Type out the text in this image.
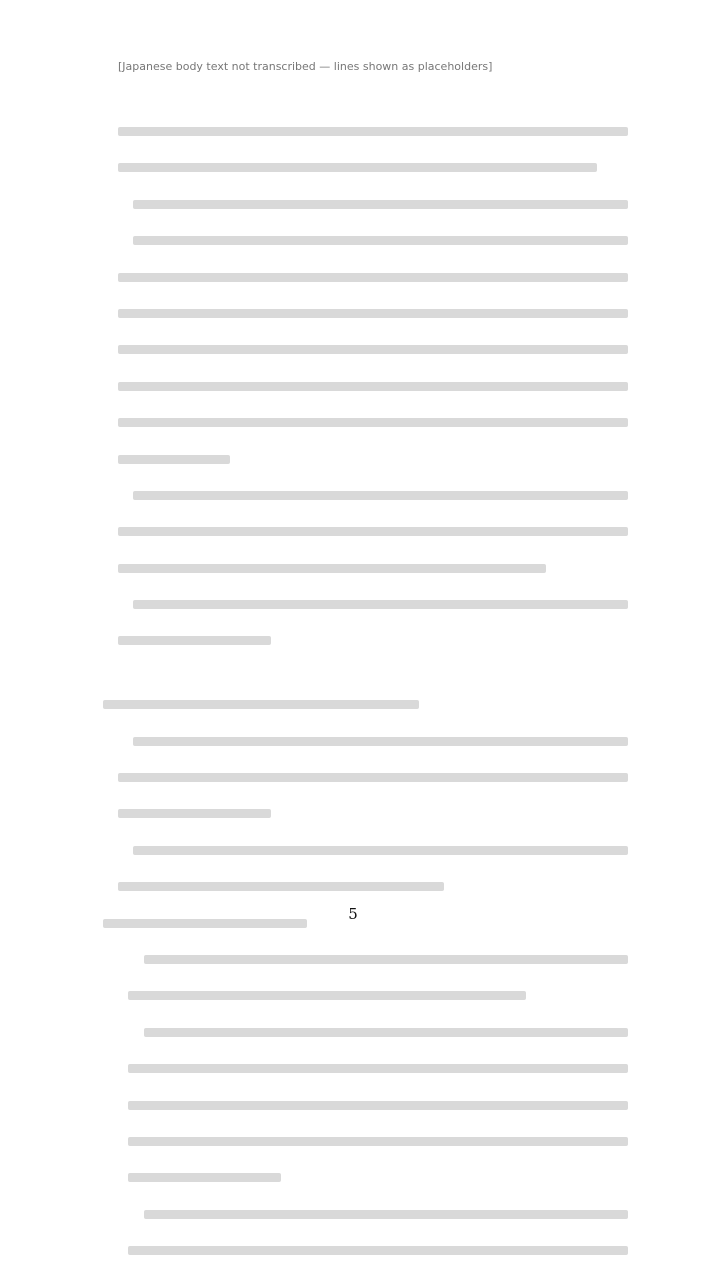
[Japanese body text not transcribed — lines shown as placeholders]
5
